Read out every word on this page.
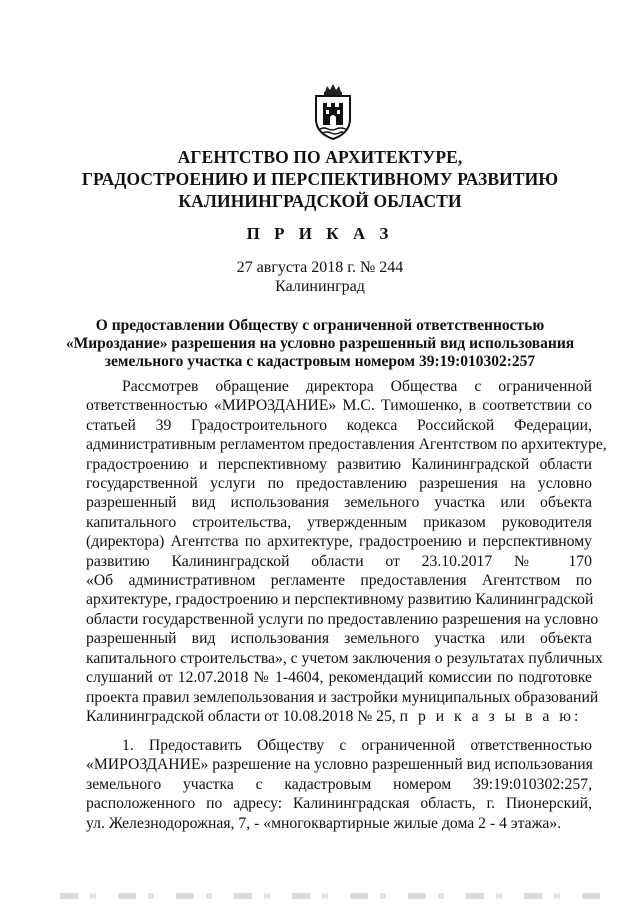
АГЕНТСТВО ПО АРХИТЕКТУРЕ,
ГРАДОСТРОЕНИЮ И ПЕРСПЕКТИВНОМУ РАЗВИТИЮ
КАЛИНИНГРАДСКОЙ ОБЛАСТИ
П Р И К А З
27 августа 2018 г. № 244
Калининград
О предоставлении Обществу с ограниченной ответственностью
«Мироздание» разрешения на условно разрешенный вид использования
земельного участка с кадастровым номером 39:19:010302:257
Рассмотрев обращение директора Общества с ограниченной
ответственностью «МИРОЗДАНИЕ» М.С. Тимошенко, в соответствии со
статьей 39 Градостроительного кодекса Российской Федерации,
административным регламентом предоставления Агентством по архитектуре,
градостроению и перспективному развитию Калининградской области
государственной услуги по предоставлению разрешения на условно
разрешенный вид использования земельного участка или объекта
капитального строительства, утвержденным приказом руководителя
(директора) Агентства по архитектуре, градостроению и перспективному
развитию Калининградской области от 23.10.2017 № 170
«Об административном регламенте предоставления Агентством по
архитектуре, градостроению и перспективному развитию Калининградской
области государственной услуги по предоставлению разрешения на условно
разрешенный вид использования земельного участка или объекта
капитального строительства», с учетом заключения о результатах публичных
слушаний от 12.07.2018 № 1-4604, рекомендаций комиссии по подготовке
проекта правил землепользования и застройки муниципальных образований
Калининградской области от 10.08.2018 № 25, п р и к а з ы в а ю:
1. Предоставить Обществу с ограниченной ответственностью
«МИРОЗДАНИЕ» разрешение на условно разрешенный вид использования
земельного участка с кадастровым номером 39:19:010302:257,
расположенного по адресу: Калининградская область, г. Пионерский,
ул. Железнодорожная, 7, - «многоквартирные жилые дома 2 - 4 этажа».
